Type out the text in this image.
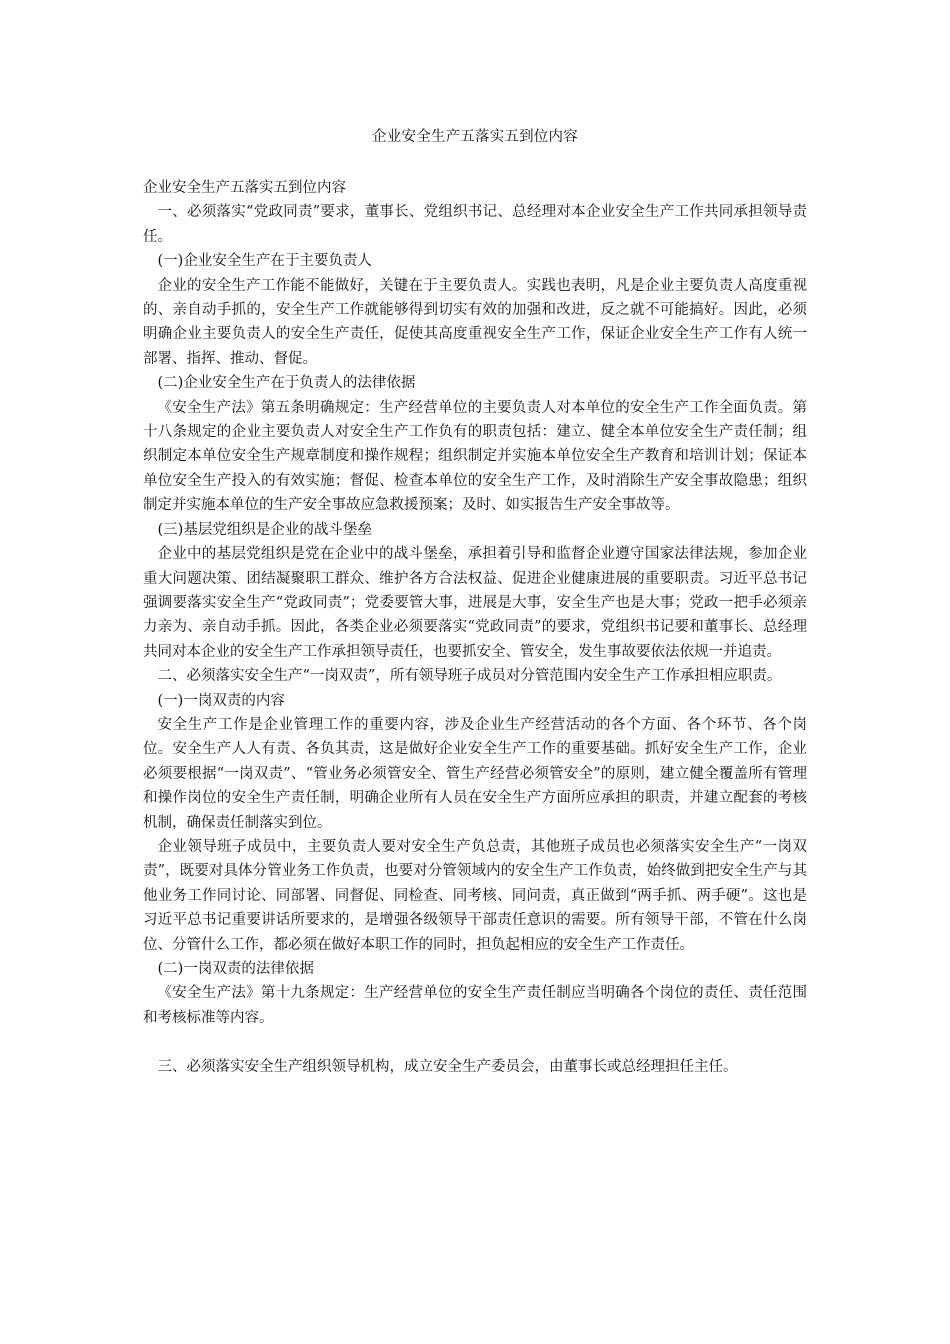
企业安全生产五落实五到位内容

企业安全生产五落实五到位内容

一、必须落实“党政同责”要求，董事长、党组织书记、总经理对本企业安全生产工作共同承担领导责任。

(一)企业安全生产在于主要负责人

企业的安全生产工作能不能做好，关键在于主要负责人。实践也表明，凡是企业主要负责人高度重视的、亲自动手抓的，安全生产工作就能够得到切实有效的加强和改进，反之就不可能搞好。因此，必须明确企业主要负责人的安全生产责任，促使其高度重视安全生产工作，保证企业安全生产工作有人统一部署、指挥、推动、督促。

(二)企业安全生产在于负责人的法律依据

《安全生产法》第五条明确规定：生产经营单位的主要负责人对本单位的安全生产工作全面负责。第十八条规定的企业主要负责人对安全生产工作负有的职责包括：建立、健全本单位安全生产责任制；组织制定本单位安全生产规章制度和操作规程；组织制定并实施本单位安全生产教育和培训计划；保证本单位安全生产投入的有效实施；督促、检查本单位的安全生产工作，及时消除生产安全事故隐患；组织制定并实施本单位的生产安全事故应急救援预案；及时、如实报告生产安全事故等。

(三)基层党组织是企业的战斗堡垒

企业中的基层党组织是党在企业中的战斗堡垒，承担着引导和监督企业遵守国家法律法规，参加企业重大问题决策、团结凝聚职工群众、维护各方合法权益、促进企业健康进展的重要职责。习近平总书记强调要落实安全生产“党政同责”；党委要管大事，进展是大事，安全生产也是大事；党政一把手必须亲力亲为、亲自动手抓。因此，各类企业必须要落实“党政同责”的要求，党组织书记要和董事长、总经理共同对本企业的安全生产工作承担领导责任，也要抓安全、管安全，发生事故要依法依规一并追责。

二、必须落实安全生产“一岗双责”，所有领导班子成员对分管范围内安全生产工作承担相应职责。

(一)一岗双责的内容

安全生产工作是企业管理工作的重要内容，涉及企业生产经营活动的各个方面、各个环节、各个岗位。安全生产人人有责、各负其责，这是做好企业安全生产工作的重要基础。抓好安全生产工作，企业必须要根据“一岗双责”、“管业务必须管安全、管生产经营必须管安全”的原则，建立健全覆盖所有管理和操作岗位的安全生产责任制，明确企业所有人员在安全生产方面所应承担的职责，并建立配套的考核机制，确保责任制落实到位。

企业领导班子成员中，主要负责人要对安全生产负总责，其他班子成员也必须落实安全生产“一岗双责”，既要对具体分管业务工作负责，也要对分管领域内的安全生产工作负责，始终做到把安全生产与其他业务工作同讨论、同部署、同督促、同检查、同考核、同问责，真正做到“两手抓、两手硬”。这也是习近平总书记重要讲话所要求的，是增强各级领导干部责任意识的需要。所有领导干部，不管在什么岗位、分管什么工作，都必须在做好本职工作的同时，担负起相应的安全生产工作责任。

(二)一岗双责的法律依据

《安全生产法》第十九条规定：生产经营单位的安全生产责任制应当明确各个岗位的责任、责任范围和考核标准等内容。

三、必须落实安全生产组织领导机构，成立安全生产委员会，由董事长或总经理担任主任。
